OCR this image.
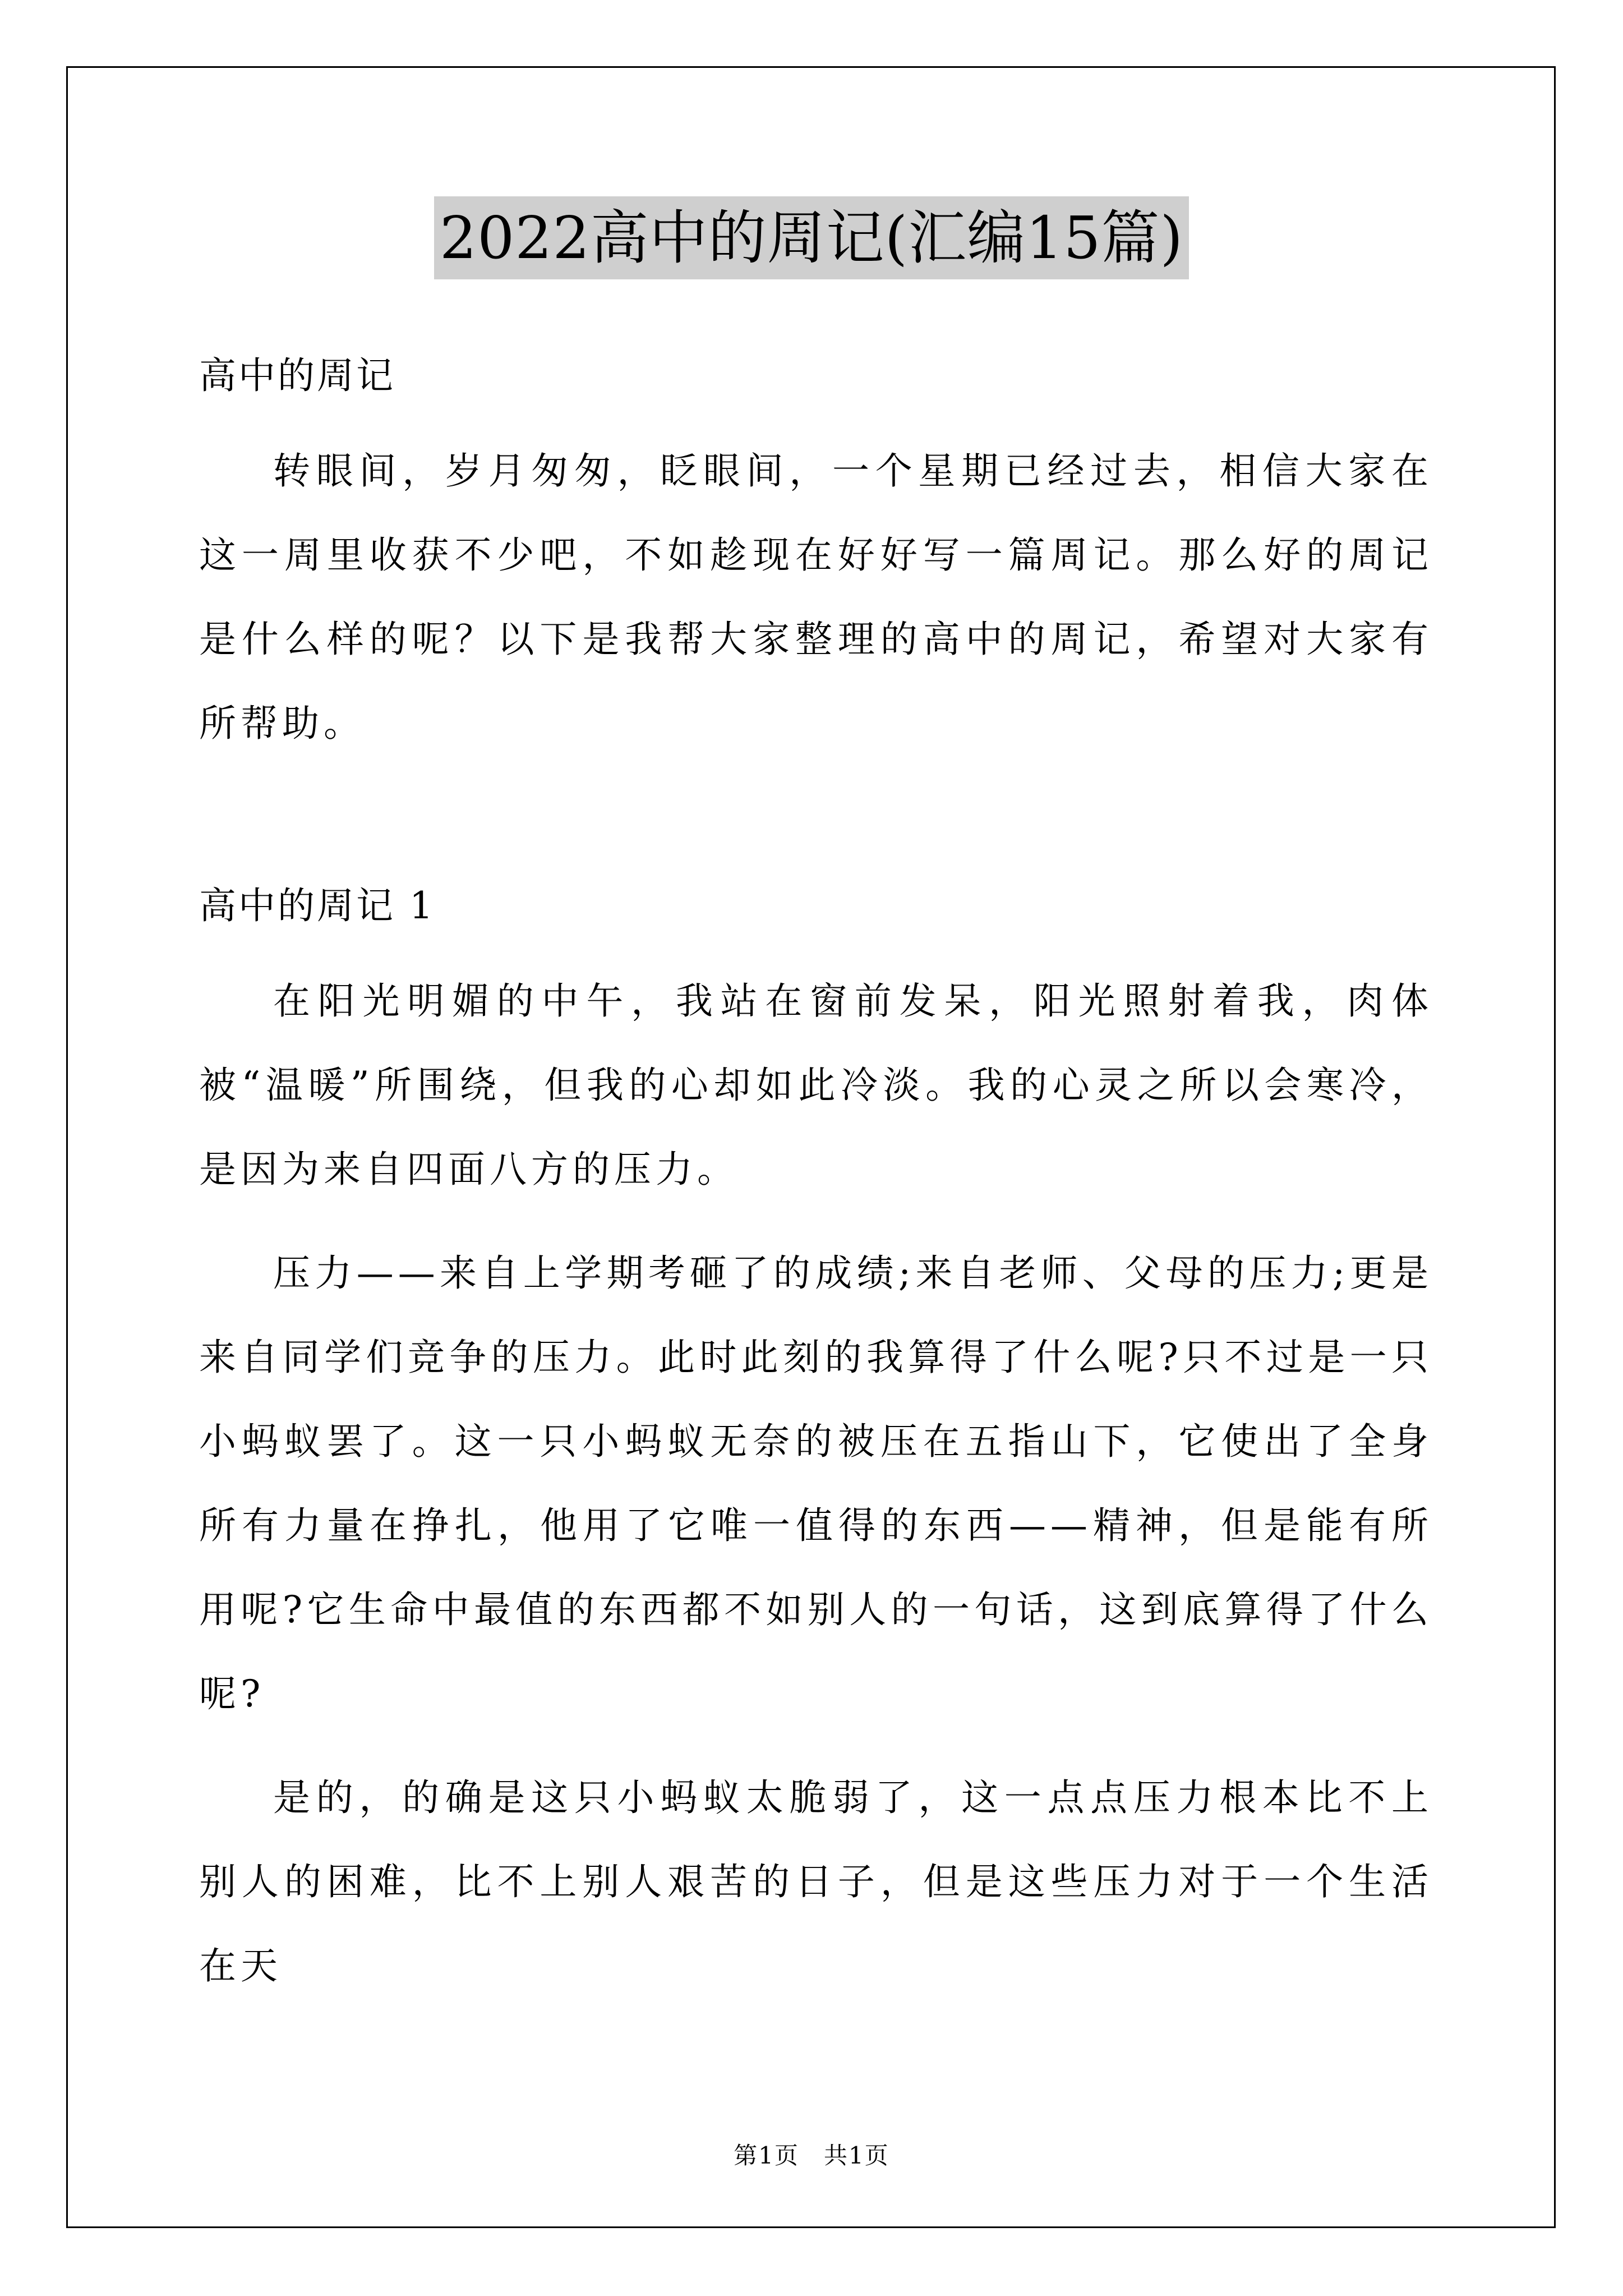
2022高中的周记(汇编15篇)
高中的周记

转眼间，岁月匆匆，眨眼间，一个星期已经过去，相信大家在这一周里收获不少吧，不如趁现在好好写一篇周记。那么好的周记是什么样的呢？以下是我帮大家整理的高中的周记，希望对大家有所帮助。

高中的周记 1

在阳光明媚的中午，我站在窗前发呆，阳光照射着我，肉体被“温暖”所围绕，但我的心却如此冷淡。我的心灵之所以会寒冷，是因为来自四面八方的压力。

压力——来自上学期考砸了的成绩;来自老师、父母的压力;更是来自同学们竞争的压力。此时此刻的我算得了什么呢?只不过是一只小蚂蚁罢了。这一只小蚂蚁无奈的被压在五指山下，它使出了全身所有力量在挣扎，他用了它唯一值得的东西——精神，但是能有所用呢?它生命中最值的东西都不如别人的一句话，这到底算得了什么呢?

是的，的确是这只小蚂蚁太脆弱了，这一点点压力根本比不上别人的困难，比不上别人艰苦的日子，但是这些压力对于一个生活在天

第1页　共1页
